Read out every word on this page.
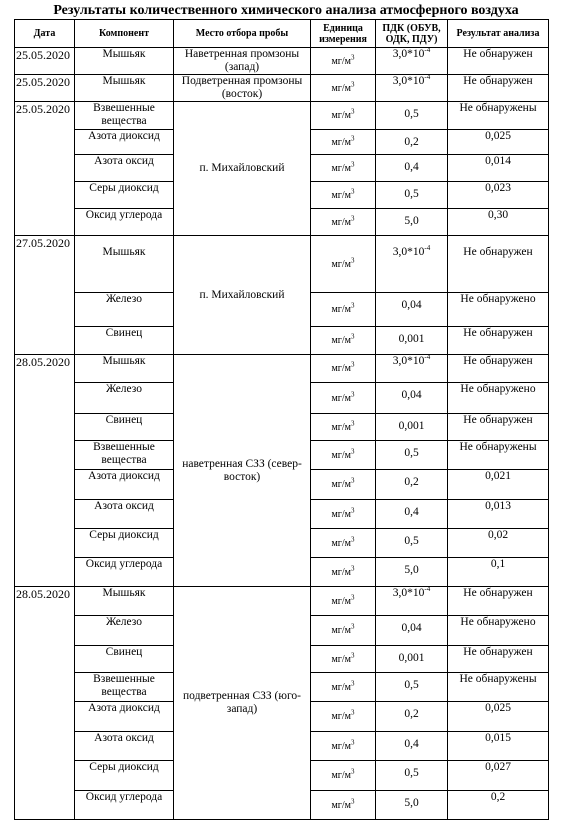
Результаты количественного химического анализа атмосферного воздуха
Дата	Компонент	Место отбора пробы	Единица измерения	ПДК (ОБУВ, ОДК, ПДУ)	Результат анализа
25.05.2020	Мышьяк	Наветренная промзоны (запад)	$мг/м^3$	$3,0*10^{-4}$	Не обнаружен
25.05.2020	Мышьяк	Подветренная промзоны (восток)	$мг/м^3$	$3,0*10^{-4}$	Не обнаружен
25.05.2020	Взвешенные вещества	п. Михайловский	$мг/м^3$	0,5	Не обнаружены
	Азота диоксид		$мг/м^3$	0,2	0,025
	Азота оксид		$мг/м^3$	0,4	0,014
	Серы диоксид		$мг/м^3$	0,5	0,023
	Оксид углерода		$мг/м^3$	5,0	0,30
27.05.2020	Мышьяк	п. Михайловский	$мг/м^3$	$3,0*10^{-4}$	Не обнаружен
	Железо		$мг/м^3$	0,04	Не обнаружено
	Свинец		$мг/м^3$	0,001	Не обнаружен
28.05.2020	Мышьяк	наветренная СЗЗ (север-восток)	$мг/м^3$	$3,0*10^{-4}$	Не обнаружен
	Железо		$мг/м^3$	0,04	Не обнаружено
	Свинец		$мг/м^3$	0,001	Не обнаружен
	Взвешенные вещества		$мг/м^3$	0,5	Не обнаружены
	Азота диоксид		$мг/м^3$	0,2	0,021
	Азота оксид		$мг/м^3$	0,4	0,013
	Серы диоксид		$мг/м^3$	0,5	0,02
	Оксид углерода		$мг/м^3$	5,0	0,1
28.05.2020	Мышьяк	подветренная СЗЗ (юго-запад)	$мг/м^3$	$3,0*10^{-4}$	Не обнаружен
	Железо		$мг/м^3$	0,04	Не обнаружено
	Свинец		$мг/м^3$	0,001	Не обнаружен
	Взвешенные вещества		$мг/м^3$	0,5	Не обнаружены
	Азота диоксид		$мг/м^3$	0,2	0,025
	Азота оксид		$мг/м^3$	0,4	0,015
	Серы диоксид		$мг/м^3$	0,5	0,027
	Оксид углерода		$мг/м^3$	5,0	0,2
